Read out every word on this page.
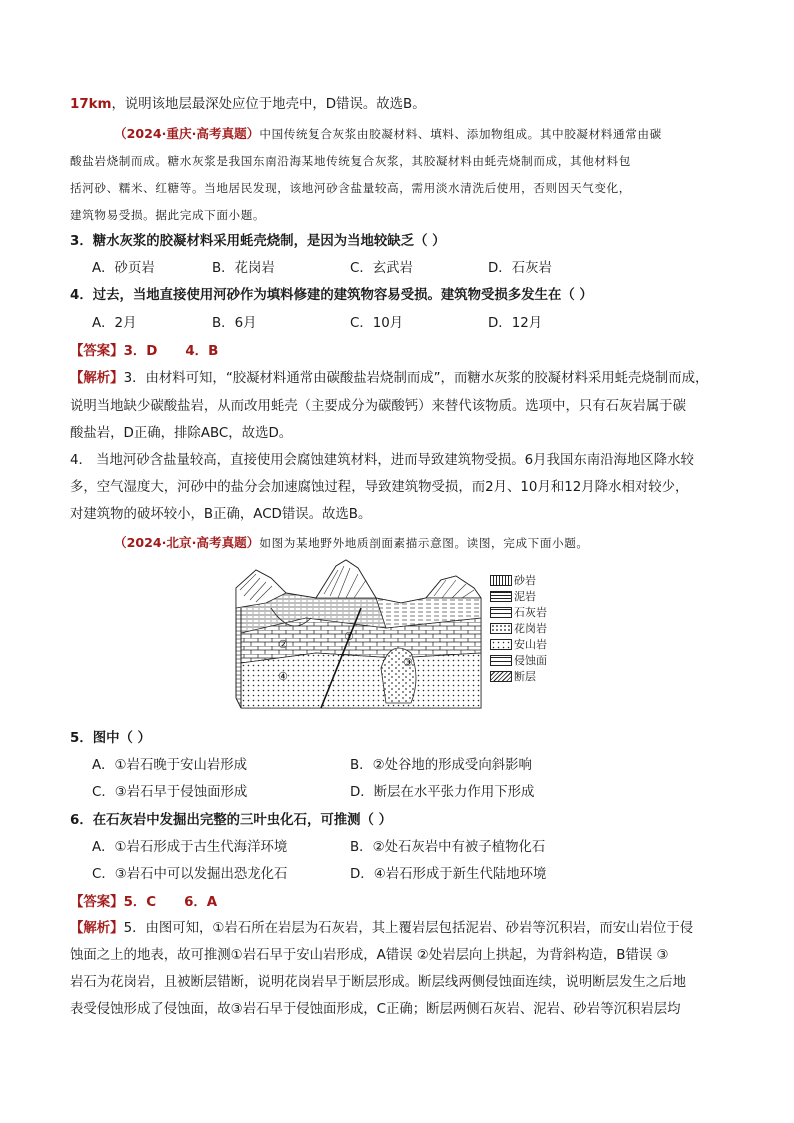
17km，说明该地层最深处应位于地壳中，D错误。故选B。
（2024·重庆·高考真题）中国传统复合灰浆由胶凝材料、填料、添加物组成。其中胶凝材料通常由碳
酸盐岩烧制而成。糖水灰浆是我国东南沿海某地传统复合灰浆，其胶凝材料由蚝壳烧制而成，其他材料包
括河砂、糯米、红糖等。当地居民发现，该地河砂含盐量较高，需用淡水清洗后使用，否则因天气变化，
建筑物易受损。据此完成下面小题。
3．糖水灰浆的胶凝材料采用蚝壳烧制，是因为当地较缺乏（ ）
A．砂页岩	B．花岗岩	C．玄武岩	D．石灰岩
4．过去，当地直接使用河砂作为填料修建的建筑物容易受损。建筑物受损多发生在（ ）
A．2月	B．6月	C．10月	D．12月
【答案】3．D      4．B
【解析】3．由材料可知，“胶凝材料通常由碳酸盐岩烧制而成”，而糖水灰浆的胶凝材料采用蚝壳烧制而成，
说明当地缺少碳酸盐岩，从而改用蚝壳（主要成分为碳酸钙）来替代该物质。选项中，只有石灰岩属于碳
酸盐岩，D正确，排除ABC，故选D。
4． 当地河砂含盐量较高，直接使用会腐蚀建筑材料，进而导致建筑物受损。6月我国东南沿海地区降水较
多，空气湿度大，河砂中的盐分会加速腐蚀过程，导致建筑物受损，而2月、10月和12月降水相对较少，
对建筑物的破坏较小，B正确，ACD错误。故选B。
（2024·北京·高考真题）如图为某地野外地质剖面素描示意图。读图，完成下面小题。
②
③
④
①
砂岩
泥岩
石灰岩
花岗岩
安山岩
侵蚀面
断层
5．图中（ ）
A．①岩石晚于安山岩形成	B．②处谷地的形成受向斜影响
C．③岩石早于侵蚀面形成	D．断层在水平张力作用下形成
6．在石灰岩中发掘出完整的三叶虫化石，可推测（ ）
A．①岩石形成于古生代海洋环境	B．②处石灰岩中有被子植物化石
C．③岩石中可以发掘出恐龙化石	D．④岩石形成于新生代陆地环境
【答案】5．C      6．A
【解析】5．由图可知，①岩石所在岩层为石灰岩，其上覆岩层包括泥岩、砂岩等沉积岩，而安山岩位于侵
蚀面之上的地表，故可推测①岩石早于安山岩形成，A错误 ②处岩层向上拱起，为背斜构造，B错误 ③
岩石为花岗岩，且被断层错断，说明花岗岩早于断层形成。断层线两侧侵蚀面连续，说明断层发生之后地
表受侵蚀形成了侵蚀面，故③岩石早于侵蚀面形成，C正确；断层两侧石灰岩、泥岩、砂岩等沉积岩层均
